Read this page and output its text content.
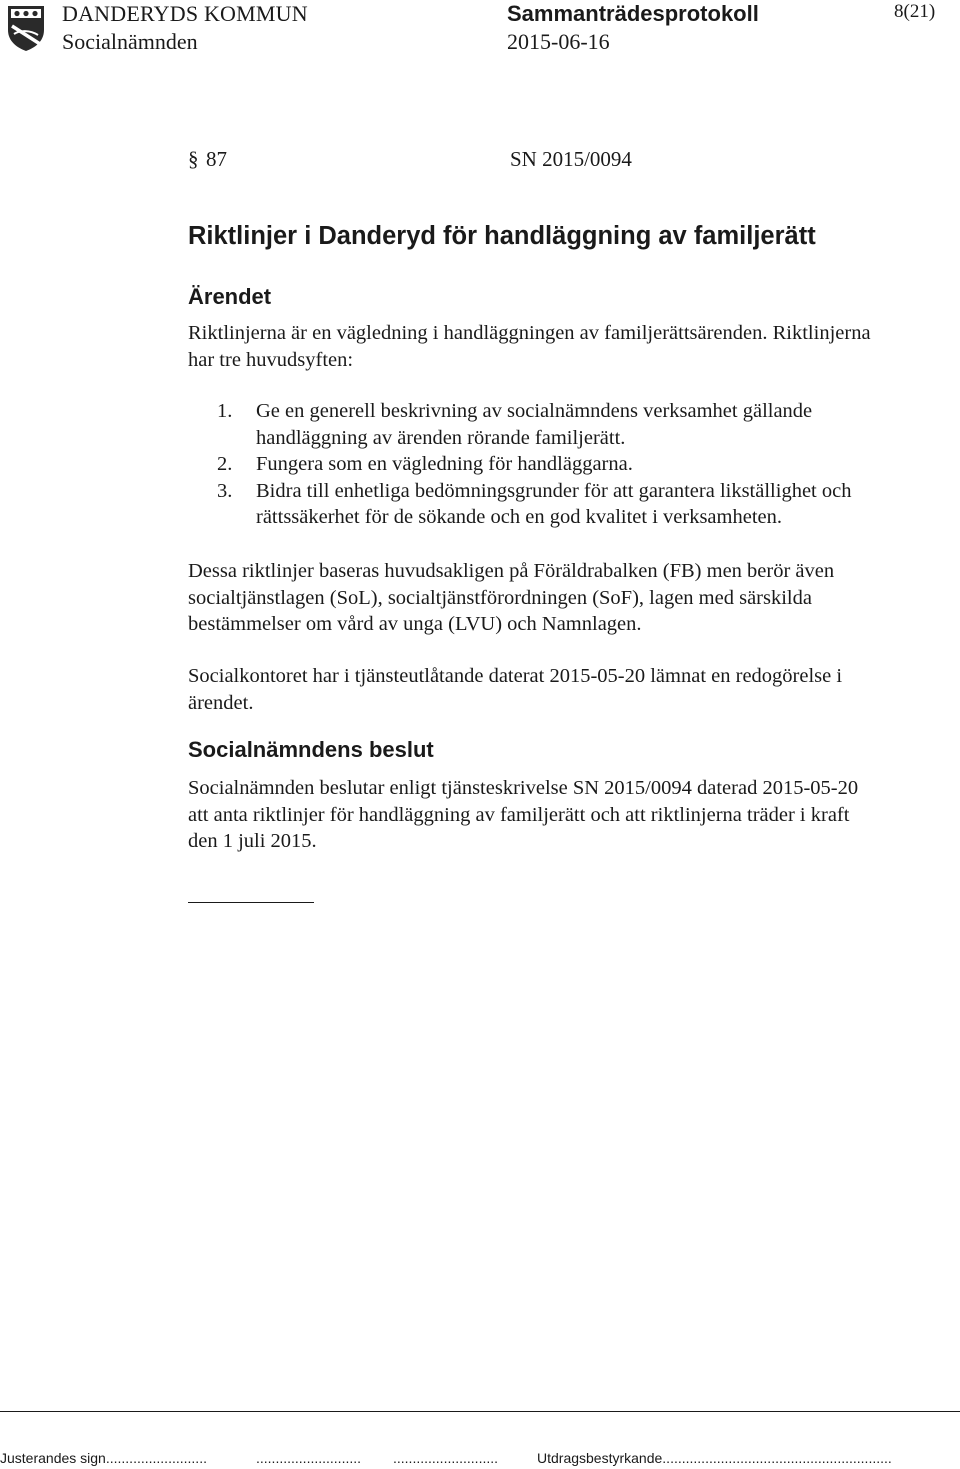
DANDERYDS KOMMUN
Socialnämnden
Sammanträdesprotokoll
2015-06-16
8(21)
§ 87	SN 2015/0094
Riktlinjer i Danderyd för handläggning av familjerätt
Ärendet
Riktlinjerna är en vägledning i handläggningen av familjerättsärenden. Riktlinjerna har tre huvudsyften:
1. Ge en generell beskrivning av socialnämndens verksamhet gällande handläggning av ärenden rörande familjerätt.
2. Fungera som en vägledning för handläggarna.
3. Bidra till enhetliga bedömningsgrunder för att garantera likställighet och rättssäkerhet för de sökande och en god kvalitet i verksamheten.
Dessa riktlinjer baseras huvudsakligen på Föräldrabalken (FB) men berör även socialtjänstlagen (SoL), socialtjänstförordningen (SoF), lagen med särskilda bestämmelser om vård av unga (LVU) och Namnlagen.
Socialkontoret har i tjänsteutlåtande daterat 2015-05-20 lämnat en redogörelse i ärendet.
Socialnämndens beslut
Socialnämnden beslutar enligt tjänsteskrivelse SN 2015/0094 daterad 2015-05-20 att anta riktlinjer för handläggning av familjerätt och att riktlinjerna träder i kraft den 1 juli 2015.
Justerandes sign..........................	........................... ...........................	Utdragsbestyrkande...........................................................
